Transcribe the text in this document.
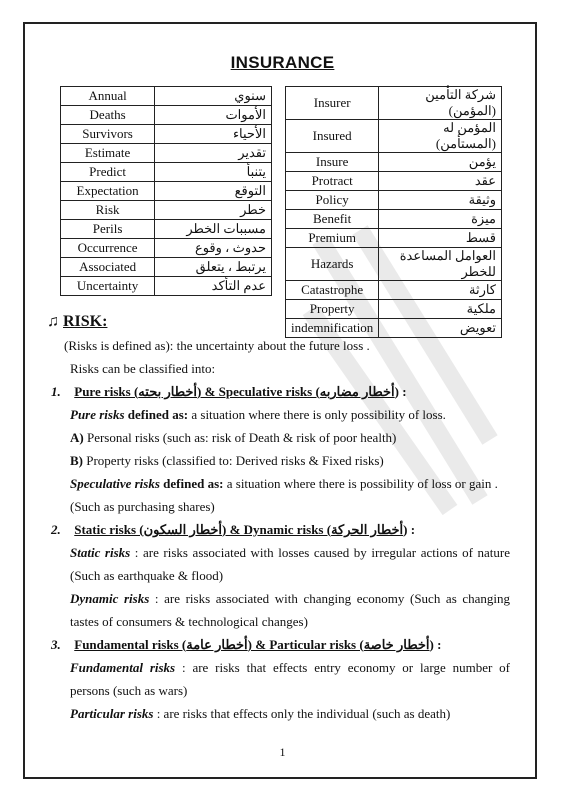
INSURANCE
Annual	سنوي
Deaths	الأموات
Survivors	الأحياء
Estimate	تقدير
Predict	يتنبأ
Expectation	التوقع
Risk	خطر
Perils	مسببات الخطر
Occurrence	حدوث ، وقوع
Associated	يرتبط ، يتعلق
Uncertainty	عدم التأكد
Insurer	شركة التأمين (المؤمن)
Insured	المؤمن له (المستأمن)
Insure	يؤمن
Protract	عقد
Policy	وثيقة
Benefit	ميزة
Premium	قسط
Hazards	العوامل المساعدة للخطر
Catastrophe	كارثة
Property	ملكية
indemnification	تعويض
♫ RISK:
(Risks is defined as): the uncertainty about the future loss .
Risks can be classified into:
1. Pure risks (أخطار بحته) & Speculative risks (أخطار مضاربه) :
Pure risks defined as: a situation where there is only possibility of loss.
A) Personal risks (such as: risk of Death & risk of poor health)
B) Property risks (classified to: Derived risks & Fixed risks)
Speculative risks defined as: a situation where there is possibility of loss or gain .
(Such as purchasing shares)
2. Static risks (أخطار السكون) & Dynamic risks (أخطار الحركة) :
Static risks : are risks associated with losses caused by irregular actions of nature
(Such as earthquake & flood)
Dynamic risks : are risks associated with changing economy (Such as changing
tastes of consumers & technological changes)
3. Fundamental risks (أخطار عامة) & Particular risks (أخطار خاصة) :
Fundamental risks : are risks that effects entry economy or large number of
persons (such as wars)
Particular risks : are risks that effects only the individual (such as death)
1
